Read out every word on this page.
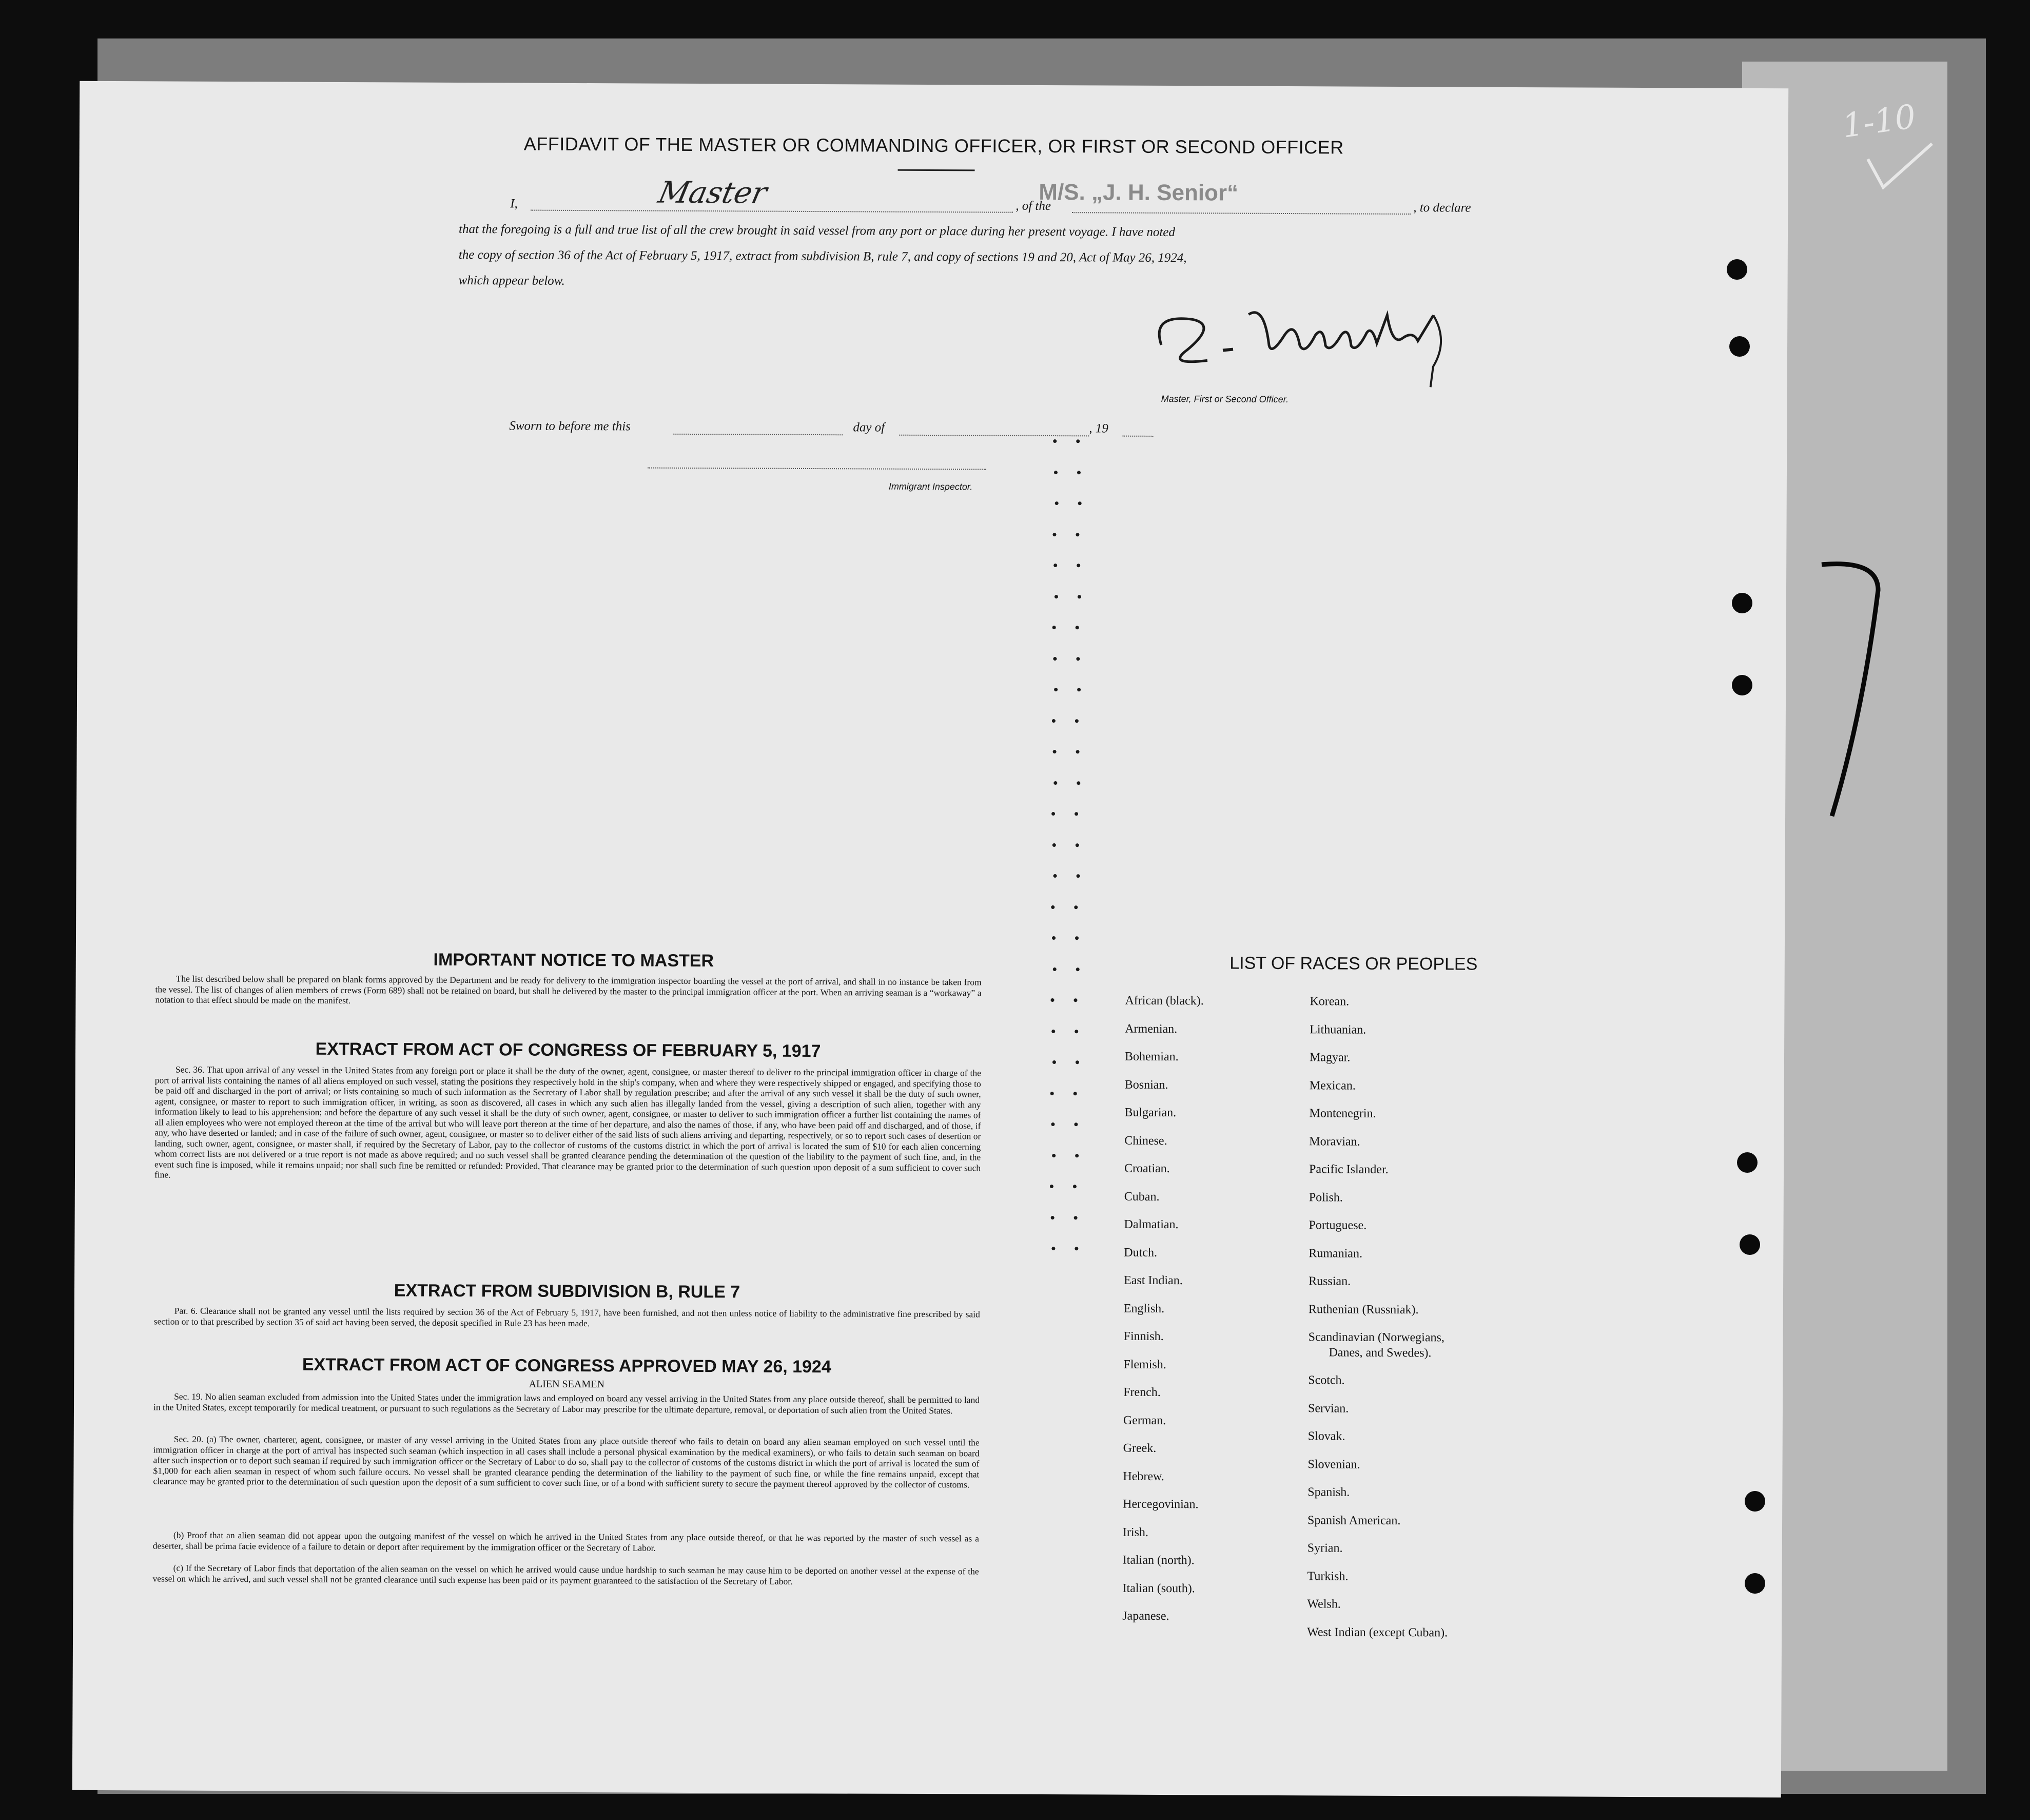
1-10
AFFIDAVIT OF THE MASTER OR COMMANDING OFFICER, OR FIRST OR SECOND OFFICER
I,	Master	, of the
M/S. „J. H. Senior“
, to declare
that the foregoing is a full and true list of all the crew brought in said vessel from any port or place during her present voyage. I have noted
the copy of section 36 of the Act of February 5, 1917, extract from subdivision B, rule 7, and copy of sections 19 and 20, Act of May 26, 1924,
which appear below.
Master, First or Second Officer.
Sworn to before me this	day of	, 19
Immigrant Inspector.
IMPORTANT NOTICE TO MASTER
The list described below shall be prepared on blank forms approved by the Department and be ready for delivery to the immigration inspector boarding the vessel at the port of arrival, and shall in no instance be taken from the vessel. The list of changes of alien members of crews (Form 689) shall not be retained on board, but shall be delivered by the master to the principal immigration officer at the port. When an arriving seaman is a “workaway” a notation to that effect should be made on the manifest.
EXTRACT FROM ACT OF CONGRESS OF FEBRUARY 5, 1917
Sec. 36. That upon arrival of any vessel in the United States from any foreign port or place it shall be the duty of the owner, agent, consignee, or master thereof to deliver to the principal immigration officer in charge of the port of arrival lists containing the names of all aliens employed on such vessel, stating the positions they respectively hold in the ship's company, when and where they were respectively shipped or engaged, and specifying those to be paid off and discharged in the port of arrival; or lists containing so much of such information as the Secretary of Labor shall by regulation prescribe; and after the arrival of any such vessel it shall be the duty of such owner, agent, consignee, or master to report to such immigration officer, in writing, as soon as discovered, all cases in which any such alien has illegally landed from the vessel, giving a description of such alien, together with any information likely to lead to his apprehension; and before the departure of any such vessel it shall be the duty of such owner, agent, consignee, or master to deliver to such immigration officer a further list containing the names of all alien employees who were not employed thereon at the time of the arrival but who will leave port thereon at the time of her departure, and also the names of those, if any, who have been paid off and discharged, and of those, if any, who have deserted or landed; and in case of the failure of such owner, agent, consignee, or master so to deliver either of the said lists of such aliens arriving and departing, respectively, or so to report such cases of desertion or landing, such owner, agent, consignee, or master shall, if required by the Secretary of Labor, pay to the collector of customs of the customs district in which the port of arrival is located the sum of $10 for each alien concerning whom correct lists are not delivered or a true report is not made as above required; and no such vessel shall be granted clearance pending the determination of the question of the liability to the payment of such fine, and, in the event such fine is imposed, while it remains unpaid; nor shall such fine be remitted or refunded: Provided, That clearance may be granted prior to the determination of such question upon deposit of a sum sufficient to cover such fine.
EXTRACT FROM SUBDIVISION B, RULE 7
Par. 6. Clearance shall not be granted any vessel until the lists required by section 36 of the Act of February 5, 1917, have been furnished, and not then unless notice of liability to the administrative fine prescribed by said section or to that prescribed by section 35 of said act having been served, the deposit specified in Rule 23 has been made.
EXTRACT FROM ACT OF CONGRESS APPROVED MAY 26, 1924
ALIEN SEAMEN
Sec. 19. No alien seaman excluded from admission into the United States under the immigration laws and employed on board any vessel arriving in the United States from any place outside thereof, shall be permitted to land in the United States, except temporarily for medical treatment, or pursuant to such regulations as the Secretary of Labor may prescribe for the ultimate departure, removal, or deportation of such alien from the United States.
Sec. 20. (a) The owner, charterer, agent, consignee, or master of any vessel arriving in the United States from any place outside thereof who fails to detain on board any alien seaman employed on such vessel until the immigration officer in charge at the port of arrival has inspected such seaman (which inspection in all cases shall include a personal physical examination by the medical examiners), or who fails to detain such seaman on board after such inspection or to deport such seaman if required by such immigration officer or the Secretary of Labor to do so, shall pay to the collector of customs of the customs district in which the port of arrival is located the sum of $1,000 for each alien seaman in respect of whom such failure occurs. No vessel shall be granted clearance pending the determination of the liability to the payment of such fine, or while the fine remains unpaid, except that clearance may be granted prior to the determination of such question upon the deposit of a sum sufficient to cover such fine, or of a bond with sufficient surety to secure the payment thereof approved by the collector of customs.
(b) Proof that an alien seaman did not appear upon the outgoing manifest of the vessel on which he arrived in the United States from any place outside thereof, or that he was reported by the master of such vessel as a deserter, shall be prima facie evidence of a failure to detain or deport after requirement by the immigration officer or the Secretary of Labor.
(c) If the Secretary of Labor finds that deportation of the alien seaman on the vessel on which he arrived would cause undue hardship to such seaman he may cause him to be deported on another vessel at the expense of the vessel on which he arrived, and such vessel shall not be granted clearance until such expense has been paid or its payment guaranteed to the satisfaction of the Secretary of Labor.
LIST OF RACES OR PEOPLES
African (black).
Armenian.
Bohemian.
Bosnian.
Bulgarian.
Chinese.
Croatian.
Cuban.
Dalmatian.
Dutch.
East Indian.
English.
Finnish.
Flemish.
French.
German.
Greek.
Hebrew.
Hercegovinian.
Irish.
Italian (north).
Italian (south).
Japanese.
Korean.
Lithuanian.
Magyar.
Mexican.
Montenegrin.
Moravian.
Pacific Islander.
Polish.
Portuguese.
Rumanian.
Russian.
Ruthenian (Russniak).
Scandinavian (Norwegians,
Danes, and Swedes).
Scotch.
Servian.
Slovak.
Slovenian.
Spanish.
Spanish American.
Syrian.
Turkish.
Welsh.
West Indian (except Cuban).
